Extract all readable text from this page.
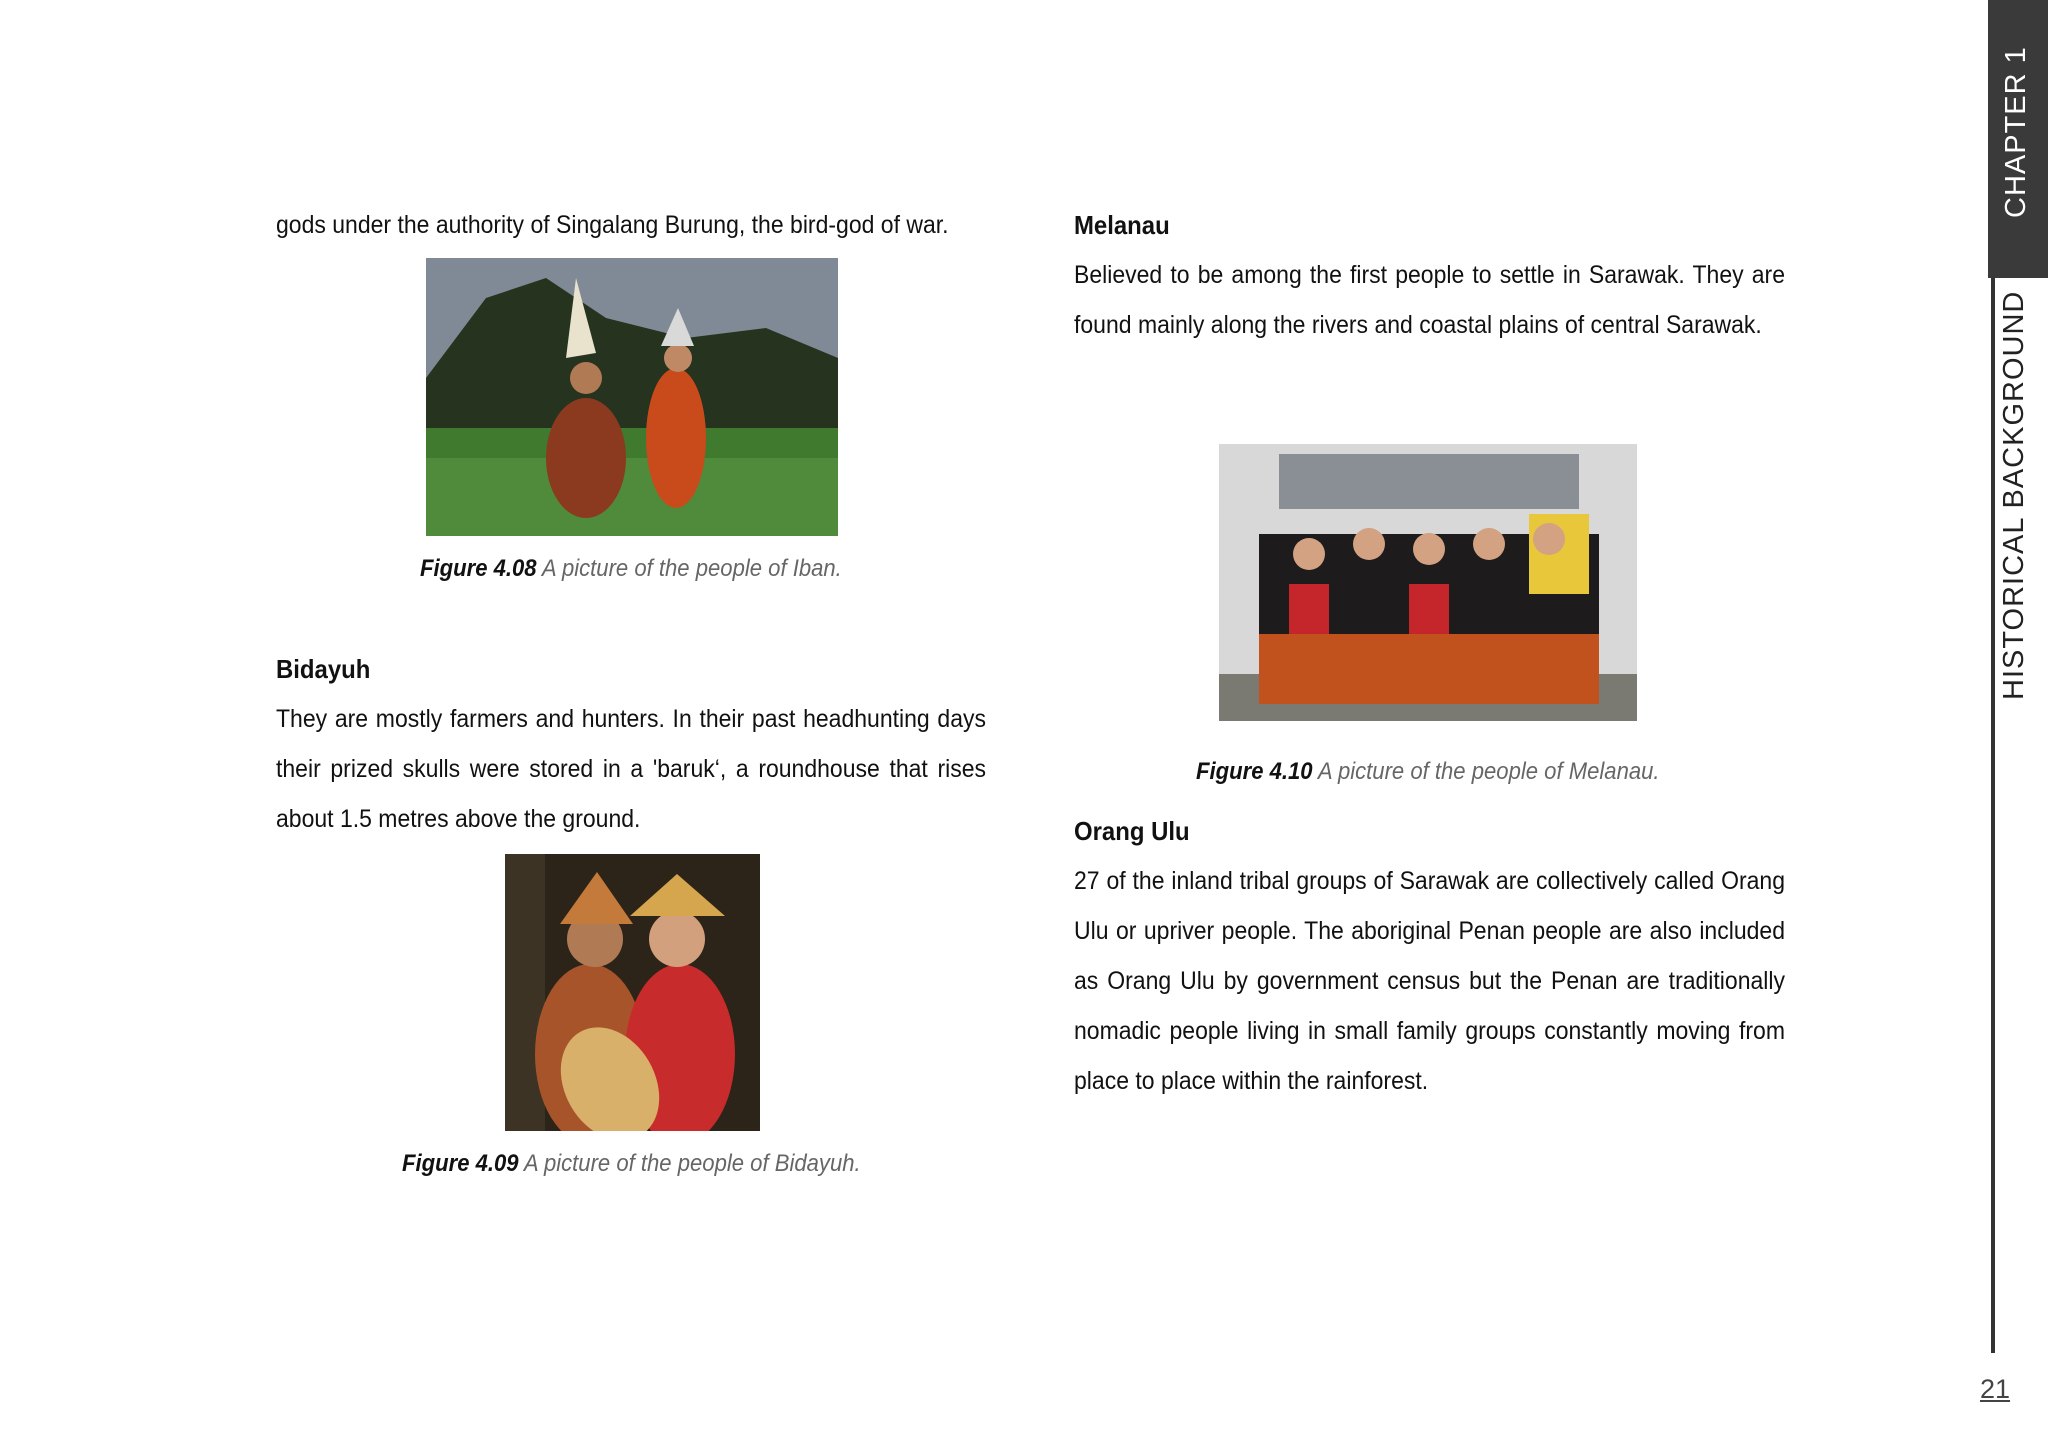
gods under the authority of Singalang Burung, the bird-god of war.

Figure 4.08 A picture of the people of Iban.

Bidayuh

They are mostly farmers and hunters. In their past headhunting days their prized skulls were stored in a 'baruk‘, a roundhouse that rises about 1.5 metres above the ground.

Figure 4.09 A picture of the people of Bidayuh.

Melanau

Believed to be among the first people to settle in Sarawak. They are found mainly along the rivers and coastal plains of central Sarawak.

Figure 4.10 A picture of the people of Melanau.

Orang Ulu

27 of the inland tribal groups of Sarawak are collectively called Orang Ulu or upriver people. The aboriginal Penan people are also included as Orang Ulu by government census but the Penan are traditionally nomadic people living in small family groups constantly moving from place to place within the rainforest.

CHAPTER 1
HISTORICAL BACKGROUND
21
